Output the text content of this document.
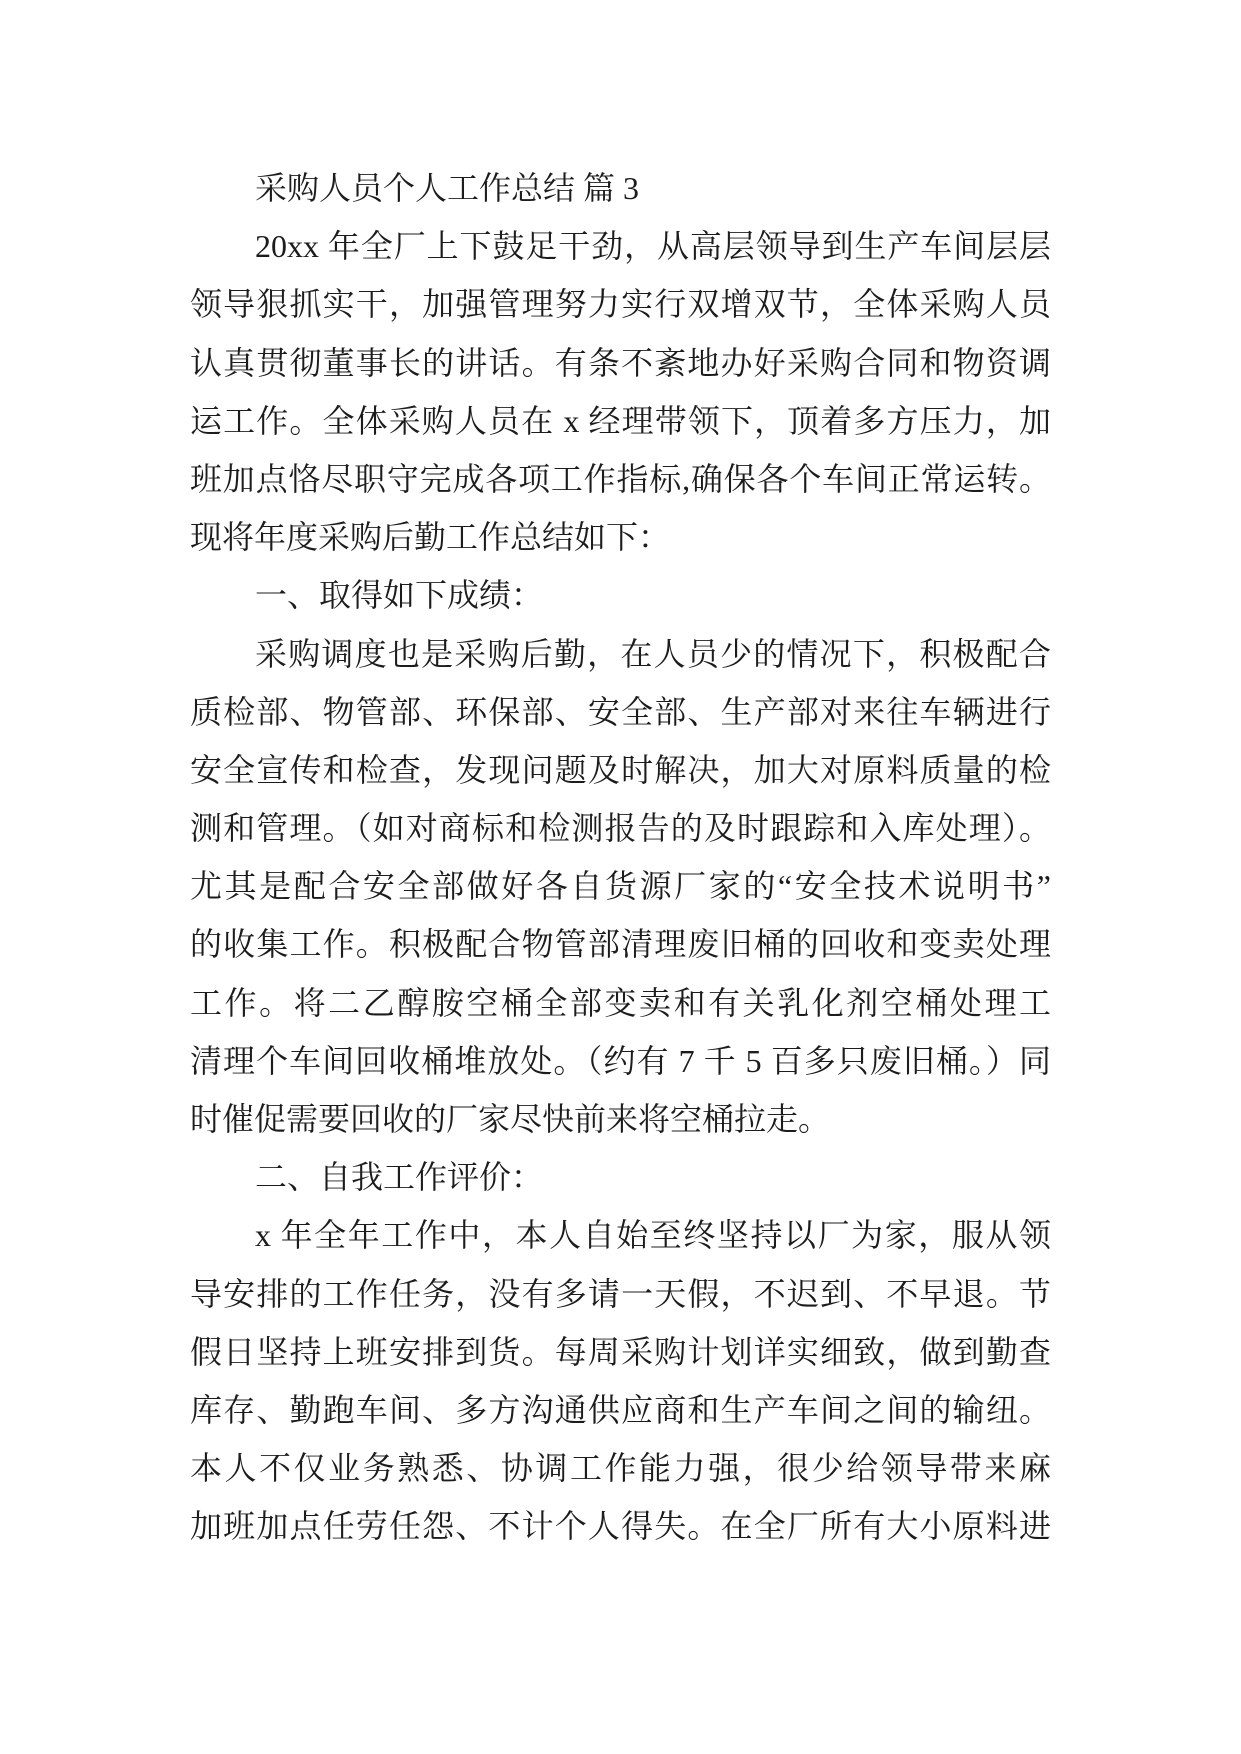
采购人员个人工作总结 篇 3
20xx 年全厂上下鼓足干劲，从高层领导到生产车间层层
领导狠抓实干，加强管理努力实行双增双节，全体采购人员
认真贯彻董事长的讲话。有条不紊地办好采购合同和物资调
运工作。全体采购人员在 x 经理带领下，顶着多方压力，加
班加点恪尽职守完成各项工作指标,确保各个车间正常运转。
现将年度采购后勤工作总结如下：
一、取得如下成绩：
采购调度也是采购后勤，在人员少的情况下，积极配合
质检部、物管部、环保部、安全部、生产部对来往车辆进行
安全宣传和检查，发现问题及时解决，加大对原料质量的检
测和管理。（如对商标和检测报告的及时跟踪和入库处理）。
尤其是配合安全部做好各自货源厂家的“安全技术说明书”
的收集工作。积极配合物管部清理废旧桶的回收和变卖处理
工作。将二乙醇胺空桶全部变卖和有关乳化剂空桶处理工
清理个车间回收桶堆放处。（约有 7 千 5 百多只废旧桶。）同
时催促需要回收的厂家尽快前来将空桶拉走。
二、自我工作评价：
x 年全年工作中，本人自始至终坚持以厂为家，服从领
导安排的工作任务，没有多请一天假，不迟到、不早退。节
假日坚持上班安排到货。每周采购计划详实细致，做到勤查
库存、勤跑车间、多方沟通供应商和生产车间之间的输纽。
本人不仅业务熟悉、协调工作能力强，很少给领导带来麻
加班加点任劳任怨、不计个人得失。在全厂所有大小原料进
